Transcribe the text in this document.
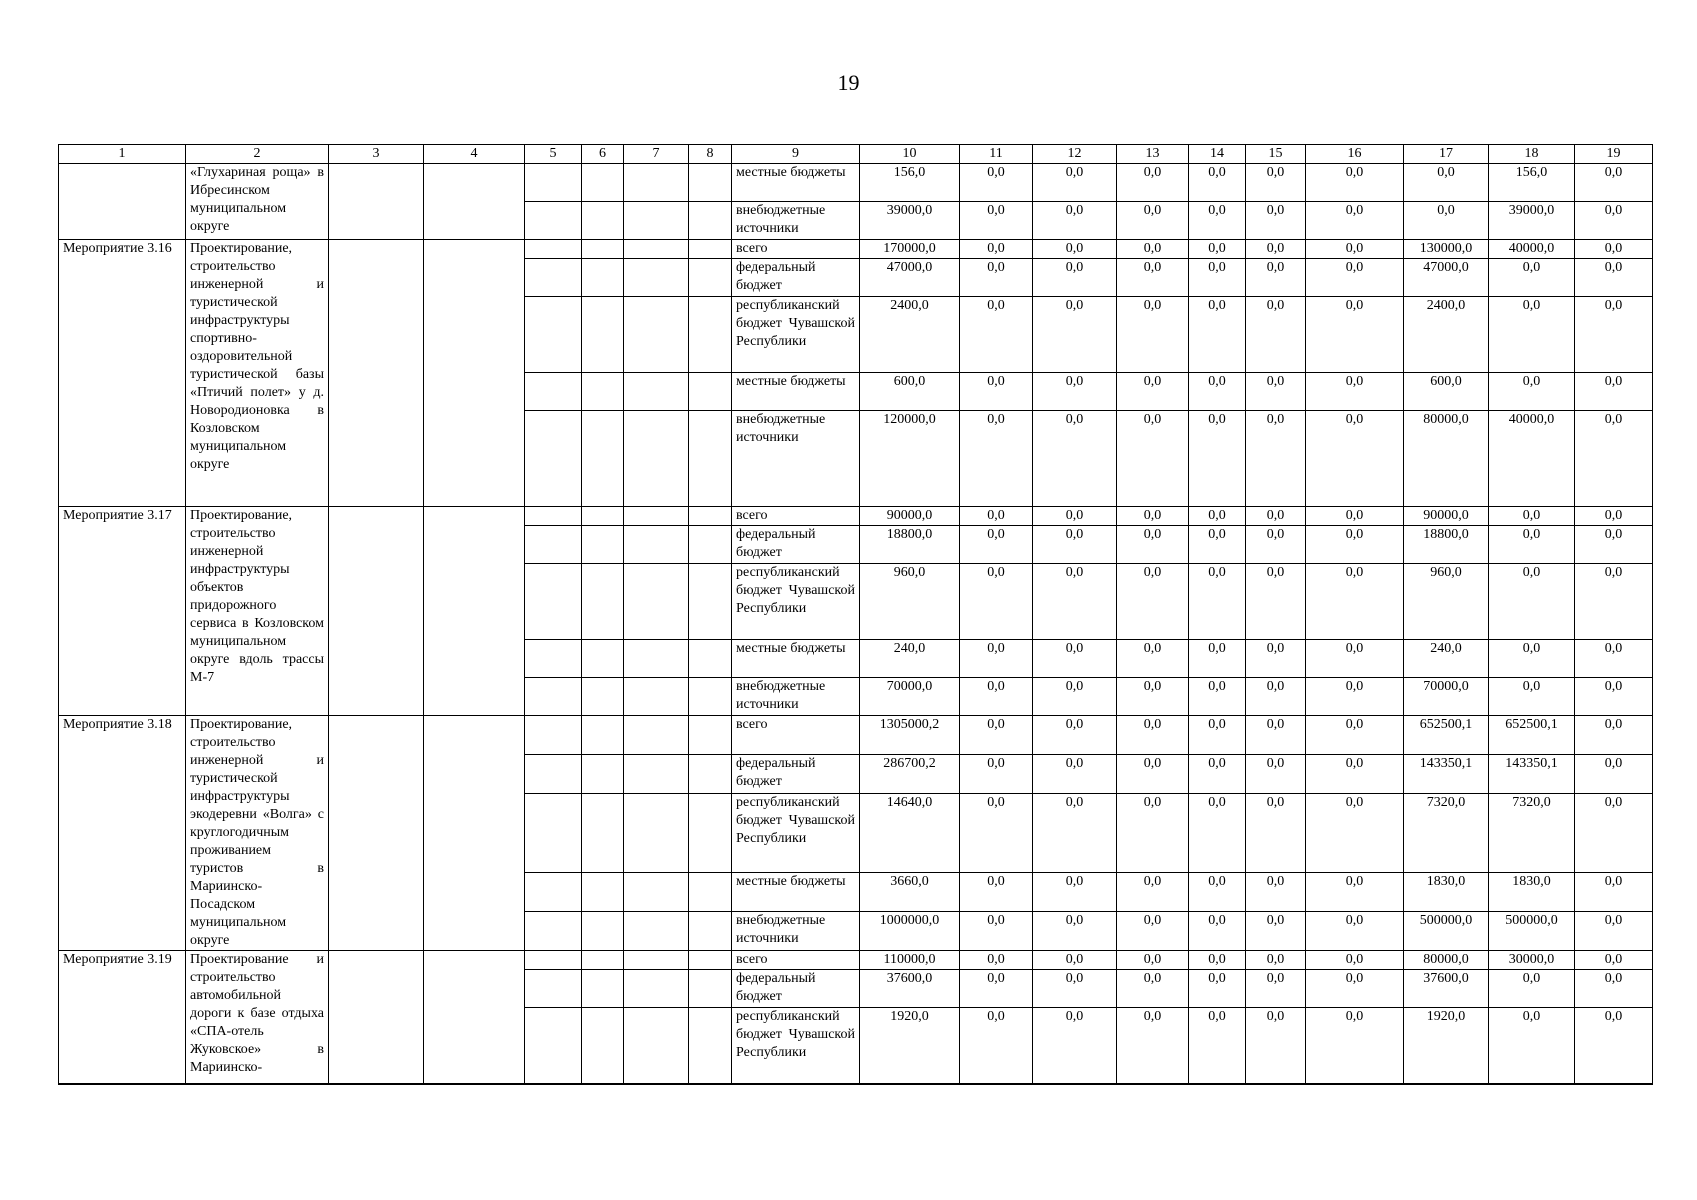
19
1	2	3	4	5	6	7	8	9	10	11	12	13	14	15	16	17	18	19
	«Глухариная роща» в Ибресинском муниципальном округе							местные бюджеты	156,0	0,0	0,0	0,0	0,0	0,0	0,0	0,0	156,0	0,0
								внебюджетные источники	39000,0	0,0	0,0	0,0	0,0	0,0	0,0	0,0	39000,0	0,0
Мероприятие 3.16	Проектирование, строительство инженерной и туристической инфраструктуры спортивно-оздоровительной туристической базы «Птичий полет» у д. Новородионовка в Козловском муниципальном округе							всего	170000,0	0,0	0,0	0,0	0,0	0,0	0,0	130000,0	40000,0	0,0
								федеральный бюджет	47000,0	0,0	0,0	0,0	0,0	0,0	0,0	47000,0	0,0	0,0
								республиканский бюджет Чувашской Республики	2400,0	0,0	0,0	0,0	0,0	0,0	0,0	2400,0	0,0	0,0
								местные бюджеты	600,0	0,0	0,0	0,0	0,0	0,0	0,0	600,0	0,0	0,0
								внебюджетные источники	120000,0	0,0	0,0	0,0	0,0	0,0	0,0	80000,0	40000,0	0,0
Мероприятие 3.17	Проектирование, строительство инженерной инфраструктуры объектов придорожного сервиса в Козловском муниципальном округе вдоль трассы М-7							всего	90000,0	0,0	0,0	0,0	0,0	0,0	0,0	90000,0	0,0	0,0
								федеральный бюджет	18800,0	0,0	0,0	0,0	0,0	0,0	0,0	18800,0	0,0	0,0
								республиканский бюджет Чувашской Республики	960,0	0,0	0,0	0,0	0,0	0,0	0,0	960,0	0,0	0,0
								местные бюджеты	240,0	0,0	0,0	0,0	0,0	0,0	0,0	240,0	0,0	0,0
								внебюджетные источники	70000,0	0,0	0,0	0,0	0,0	0,0	0,0	70000,0	0,0	0,0
Мероприятие 3.18	Проектирование, строительство инженерной и туристической инфраструктуры экодеревни «Волга» с круглогодичным проживанием туристов в Мариинско-Посадском муниципальном округе							всего	1305000,2	0,0	0,0	0,0	0,0	0,0	0,0	652500,1	652500,1	0,0
								федеральный бюджет	286700,2	0,0	0,0	0,0	0,0	0,0	0,0	143350,1	143350,1	0,0
								республиканский бюджет Чувашской Республики	14640,0	0,0	0,0	0,0	0,0	0,0	0,0	7320,0	7320,0	0,0
								местные бюджеты	3660,0	0,0	0,0	0,0	0,0	0,0	0,0	1830,0	1830,0	0,0
								внебюджетные источники	1000000,0	0,0	0,0	0,0	0,0	0,0	0,0	500000,0	500000,0	0,0
Мероприятие 3.19	Проектирование и строительство автомобильной дороги к базе отдыха «СПА-отель Жуковское» в Мариинско-							всего	110000,0	0,0	0,0	0,0	0,0	0,0	0,0	80000,0	30000,0	0,0
								федеральный бюджет	37600,0	0,0	0,0	0,0	0,0	0,0	0,0	37600,0	0,0	0,0
								республиканский бюджет Чувашской Республики	1920,0	0,0	0,0	0,0	0,0	0,0	0,0	1920,0	0,0	0,0
